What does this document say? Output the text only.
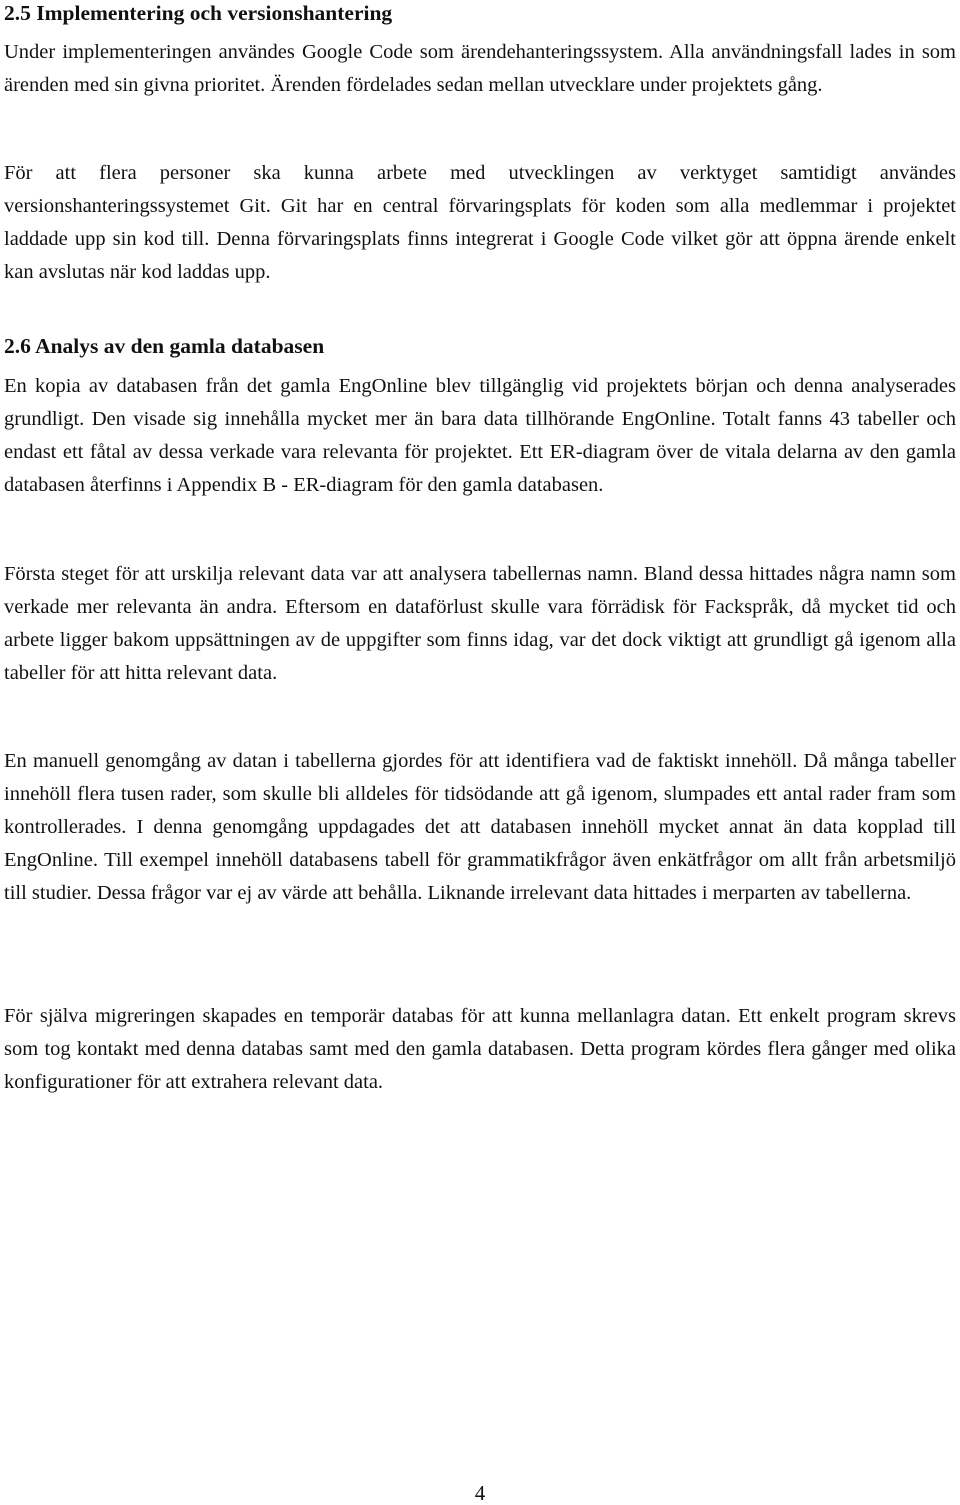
2.5 Implementering och versionshantering

Under implementeringen användes Google Code som ärendehanteringssystem. Alla användningsfall lades in som ärenden med sin givna prioritet. Ärenden fördelades sedan mellan utvecklare under projektets gång.

För att flera personer ska kunna arbete med utvecklingen av verktyget samtidigt användes versionshanteringssystemet Git. Git har en central förvaringsplats för koden som alla medlemmar i projektet laddade upp sin kod till. Denna förvaringsplats finns integrerat i Google Code vilket gör att öppna ärende enkelt kan avslutas när kod laddas upp.

2.6 Analys av den gamla databasen

En kopia av databasen från det gamla EngOnline blev tillgänglig vid projektets början och denna analyserades grundligt. Den visade sig innehålla mycket mer än bara data tillhörande EngOnline. Totalt fanns 43 tabeller och endast ett fåtal av dessa verkade vara relevanta för projektet. Ett ER-diagram över de vitala delarna av den gamla databasen återfinns i Appendix B - ER-diagram för den gamla databasen.

Första steget för att urskilja relevant data var att analysera tabellernas namn. Bland dessa hittades några namn som verkade mer relevanta än andra. Eftersom en dataförlust skulle vara förrädisk för Fackspråk, då mycket tid och arbete ligger bakom uppsättningen av de uppgifter som finns idag, var det dock viktigt att grundligt gå igenom alla tabeller för att hitta relevant data.

En manuell genomgång av datan i tabellerna gjordes för att identifiera vad de faktiskt innehöll. Då många tabeller innehöll flera tusen rader, som skulle bli alldeles för tidsödande att gå igenom, slumpades ett antal rader fram som kontrollerades. I denna genomgång uppdagades det att databasen innehöll mycket annat än data kopplad till EngOnline. Till exempel innehöll databasens tabell för grammatikfrågor även enkätfrågor om allt från arbetsmiljö till studier. Dessa frågor var ej av värde att behålla. Liknande irrelevant data hittades i merparten av tabellerna.

För själva migreringen skapades en temporär databas för att kunna mellanlagra datan. Ett enkelt program skrevs som tog kontakt med denna databas samt med den gamla databasen. Detta program kördes flera gånger med olika konfigurationer för att extrahera relevant data.

4
